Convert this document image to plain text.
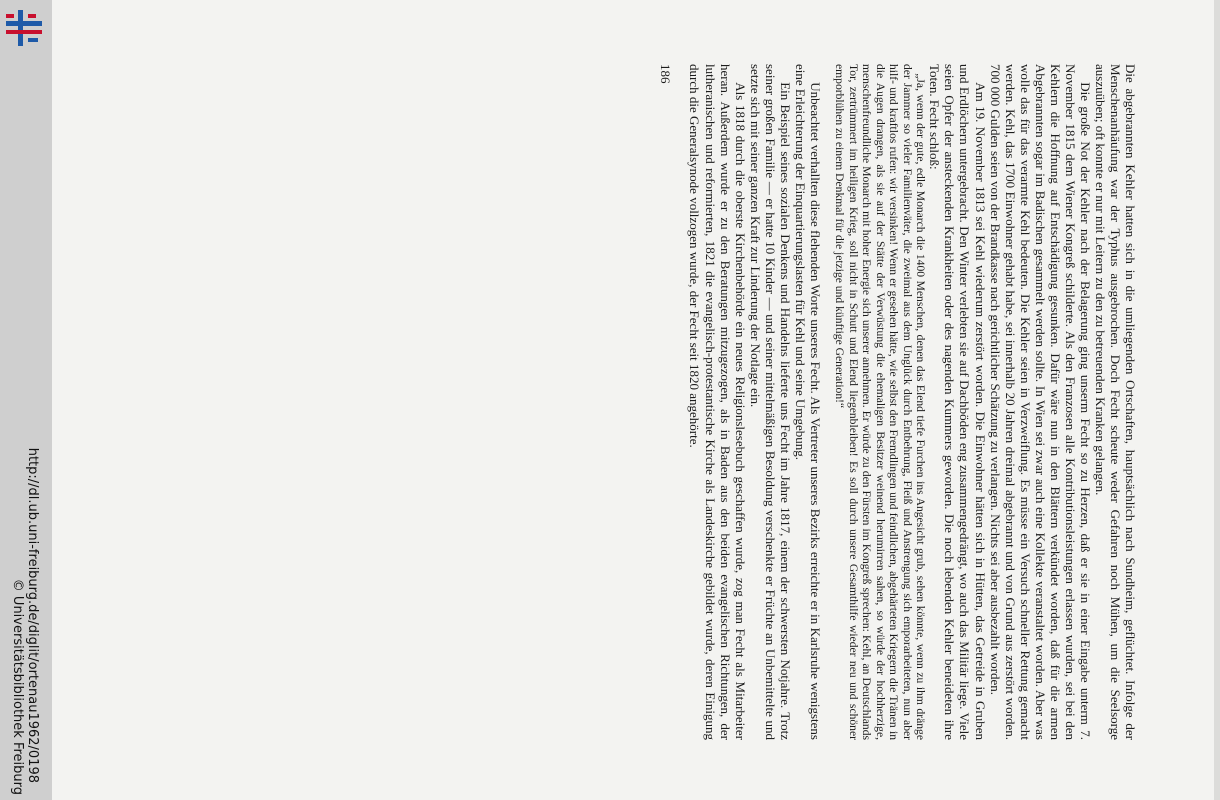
http://dl.ub.uni-freiburg.de/diglit/ortenau1962/0198
© Universitätsbibliothek Freiburg	Die abgebrannten Kehler hatten sich in die umliegenden Ortschaften, hauptsächlich nach Sundheim, geflüchtet. Infolge der Menschenanhäufung war der Typhus ausgebrochen. Doch Fecht scheute weder Gefahren noch Mühen, um die Seelsorge auszuüben; oft konnte er nur mit Leitern zu den zu betreuenden Kranken gelangen.

Die große Not der Kehler nach der Belagerung ging unserm Fecht so zu Herzen, daß er sie in einer Eingabe unterm 7. November 1815 dem Wiener Kongreß schilderte. Als den Franzosen alle Kontributionsleistungen erlassen wurden, sei bei den Kehlern die Hoffnung auf Entschädigung gesunken. Dafür wäre nun in den Blättern verkündet worden, daß für die armen Abgebrannten sogar im Badischen gesammelt werden sollte. In Wien sei zwar auch eine Kollekte veranstaltet worden. Aber was wolle das für das verarmte Kehl bedeuten. Die Kehler seien in Verzweiflung. Es müsse ein Versuch schneller Rettung gemacht werden. Kehl, das 1700 Einwohner gehabt habe, sei innerhalb 20 Jahren dreimal abgebrannt und von Grund aus zerstört worden. 700 000 Gulden seien von der Brandkasse nach gerichtlicher Schätzung zu verlangen. Nichts sei aber ausbezahlt worden.

Am 19. November 1813 sei Kehl wiederum zerstört worden. Die Einwohner hätten sich in Hütten, das Getreide in Gruben und Erdlöchern untergebracht. Den Winter verlebten sie auf Dachböden eng zusammengedrängt, wo auch das Militär liege. Viele seien Opfer der ansteckenden Krankheiten oder des nagenden Kummers geworden. Die noch lebenden Kehler beneideten ihre Toten. Fecht schloß:

„Ja, wenn der gute, edle Monarch die 1400 Menschen, denen das Elend tiefe Furchen ins Angesicht grub, sehen könnte, wenn zu ihm dränge der Jammer so vieler Familienväter, die zweimal aus dem Unglück durch Entbehrung, Fleiß und Anstrengung sich emporarbeiteten, nun aber hilf- und kraftlos rufen: wir versinken! Wenn er gesehen hätte, wie selbst den Fremdlingen und feindlichen, abgehärteten Kriegern die Tränen in die Augen drangen, als sie auf der Stätte der Verwüstung die ehemaligen Besitzer weinend herumirren sahen, so würde der hochherzige, menschenfreundliche Monarch mit hoher Energie sich unserer annehmen. Er würde zu den Fürsten im Kongreß sprechen: Kehl, an Deutschlands Tor, zertrümmert im heiligen Krieg, soll nicht in Schutt und Elend liegenbleiben! Es soll durch unsere Gesamthilfe wieder neu und schöner emporblühen zu einem Denkmal für die jetzige und künftige Generation!“

Unbeachtet verhallten diese flehenden Worte unseres Fecht. Als Vertreter unseres Bezirks erreichte er in Karlsruhe wenigstens eine Erleichterung der Einquartierungslasten für Kehl und seine Umgebung.

Ein Beispiel seines sozialen Denkens und Handelns lieferte uns Fecht im Jahre 1817, einem der schwersten Notjahre. Trotz seiner großen Familie — er hatte 10 Kinder — und seiner mittelmäßigen Besoldung verschenkte er Früchte an Unbemittelte und setzte sich mit seiner ganzen Kraft zur Linderung der Notlage ein.

Als 1818 durch die oberste Kirchenbehörde ein neues Religionslesebuch geschaffen wurde, zog man Fecht als Mitarbeiter heran. Außerdem wurde er zu den Beratungen mitzugezogen, als in Baden aus den beiden evangelischen Richtungen, der lutheranischen und reformierten, 1821 die evangelisch-protestantische Kirche als Landeskirche gebildet wurde, deren Einigung durch die Generalsynode vollzogen wurde, der Fecht seit 1820 angehörte.

186
